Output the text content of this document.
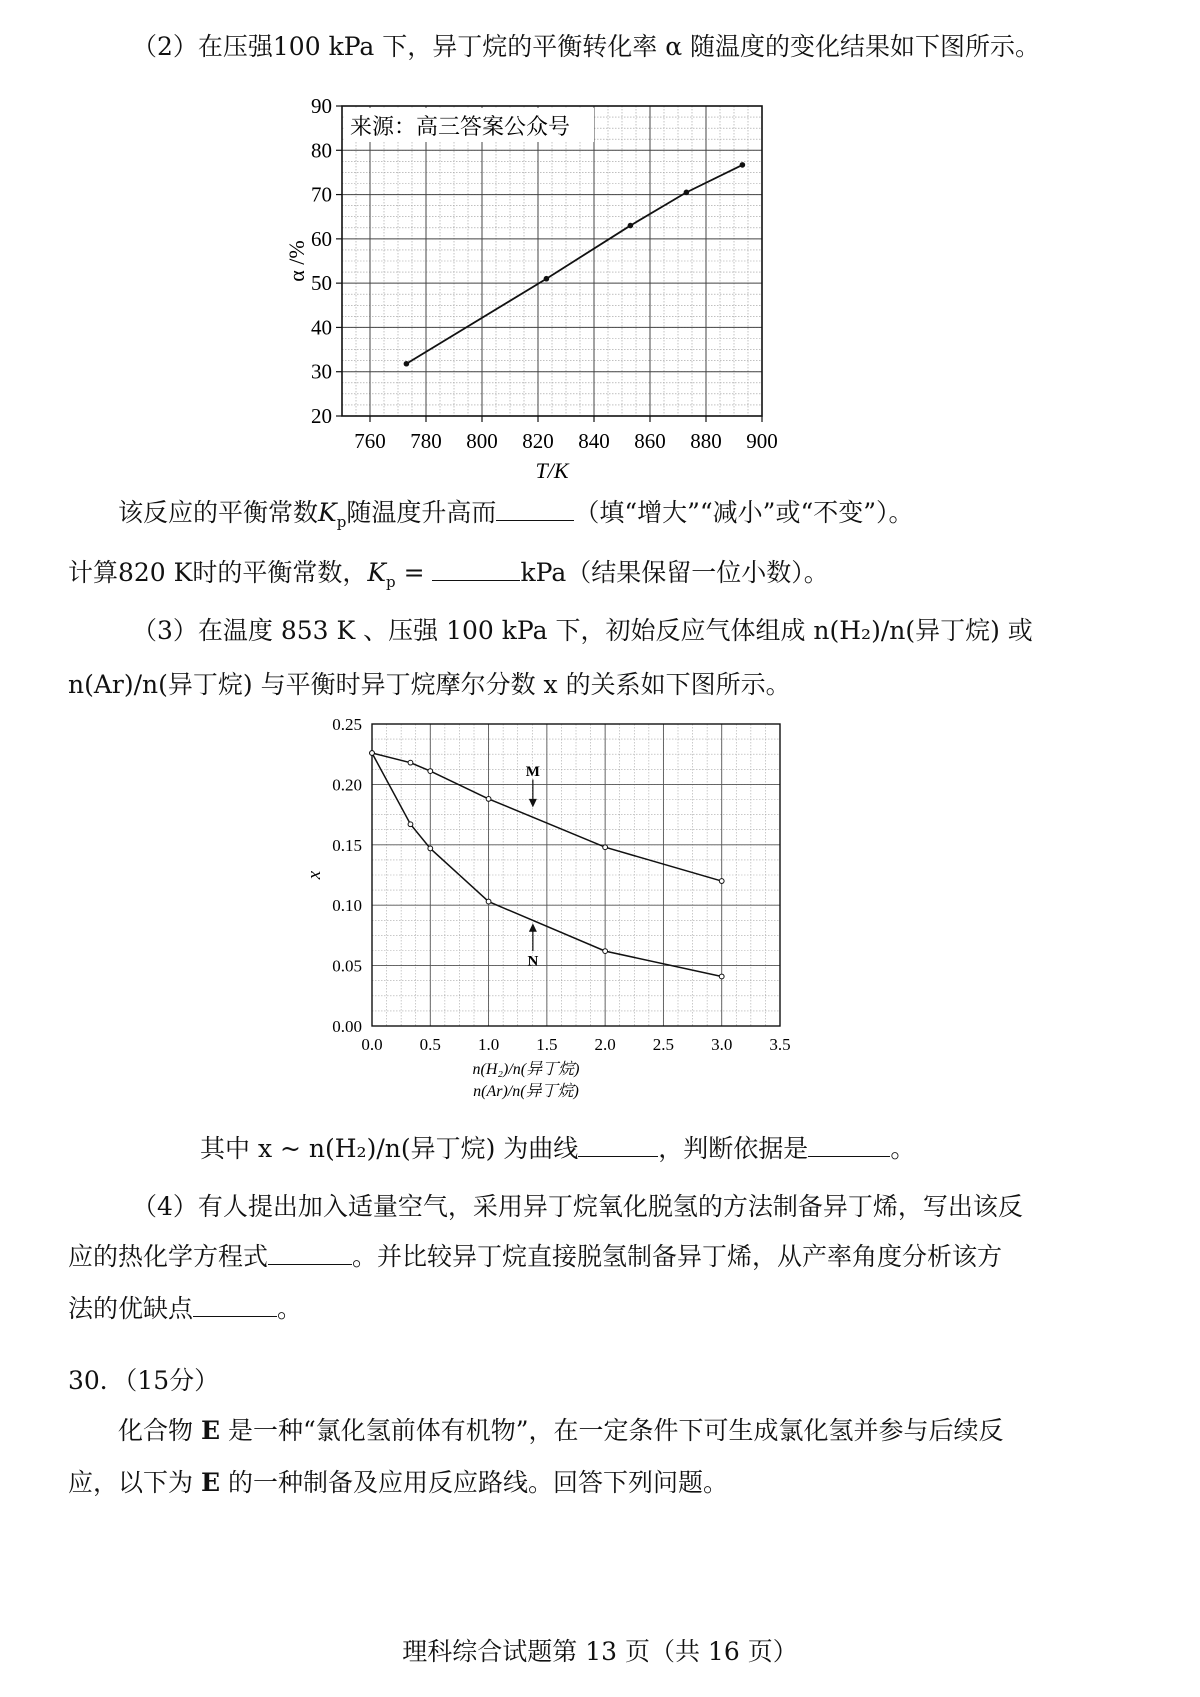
（2）在压强100 kPa 下，异丁烷的平衡转化率 α 随温度的变化结果如下图所示。
760 780 800 820 840 860 880 900
20
30
40
50
60
70
80
90
T/K
α /%
来源：高三答案公众号
该反应的平衡常数$K_p$随温度升高而	（填“增大”“减小”或“不变”）。
计算820 K时的平衡常数，$K_p$ =	kPa（结果保留一位小数）。
（3）在温度 853 K 、压强 100 kPa 下，初始反应气体组成 n(H₂)/n(异丁烷) 或
n(Ar)/n(异丁烷) 与平衡时异丁烷摩尔分数 x 的关系如下图所示。
0.0 0.5 1.0 1.5 2.0 2.5 3.0 3.5
0.00
0.05
0.10
0.15
0.20
0.25
n(H₂)/n(异丁烷)
n(Ar)/n(异丁烷)
x
M
N
其中 x ~ n(H₂)/n(异丁烷) 为曲线	，判断依据是	。
（4）有人提出加入适量空气，采用异丁烷氧化脱氢的方法制备异丁烯，写出该反
应的热化学方程式	。并比较异丁烷直接脱氢制备异丁烯，从产率角度分析该方
法的优缺点	。
30．（15分）
化合物 E 是一种“氯化氢前体有机物”，在一定条件下可生成氯化氢并参与后续反
应，以下为 E 的一种制备及应用反应路线。回答下列问题。
理科综合试题第 13 页（共 16 页）
